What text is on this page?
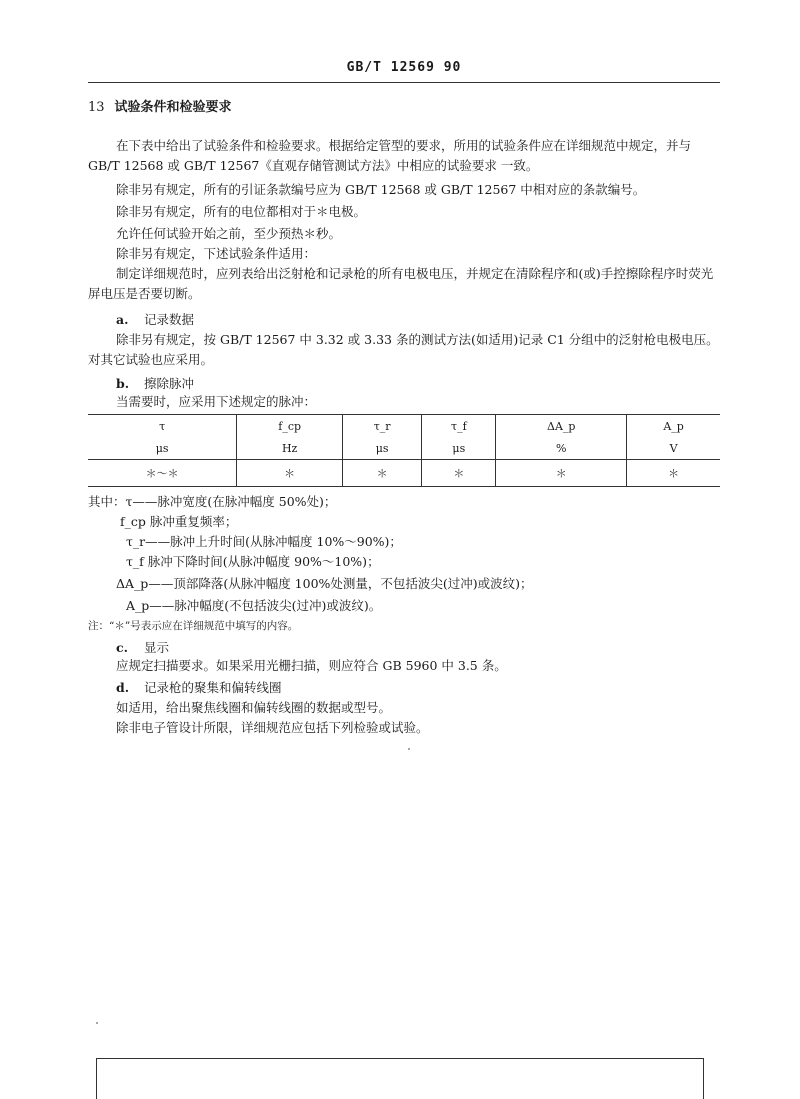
GB/T 12569 90
13 试验条件和检验要求
在下表中给出了试验条件和检验要求。根据给定管型的要求，所用的试验条件应在详细规范中规定，并与 GB/T 12568 或 GB/T 12567《直观存储管测试方法》中相应的试验要求 一致。
除非另有规定，所有的引证条款编号应为 GB/T 12568 或 GB/T 12567 中相对应的条款编号。
除非另有规定，所有的电位都相对于＊电极。
允许任何试验开始之前，至少预热＊秒。
除非另有规定，下述试验条件适用：
制定详细规范时，应列表给出泛射枪和记录枪的所有电极电压，并规定在清除程序和(或)手控擦除程序时荧光屏电压是否要切断。
a. 记录数据
除非另有规定，按 GB/T 12567 中 3.32 或 3.33 条的测试方法(如适用)记录 C1 分组中的泛射枪电极电压。对其它试验也应采用。
b. 擦除脉冲
当需要时，应采用下述规定的脉冲：
τ	f_cp	τ_r	τ_f	ΔA_p	A_p
μs	Hz	μs	μs	%	V
＊～＊	＊	＊	＊	＊	＊
其中：τ——脉冲宽度(在脉冲幅度 50%处)；
f_cp 脉冲重复频率；
τ_r——脉冲上升时间(从脉冲幅度 10%～90%)；
τ_f 脉冲下降时间(从脉冲幅度 90%～10%)；
ΔA_p——顶部降落(从脉冲幅度 100%处测量，不包括波尖(过冲)或波纹)；
A_p——脉冲幅度(不包括波尖(过冲)或波纹)。
注：“＊”号表示应在详细规范中填写的内容。
c. 显示
应规定扫描要求。如果采用光栅扫描，则应符合 GB 5960 中 3.5 条。
d. 记录枪的聚集和偏转线圈
如适用，给出聚焦线圈和偏转线圈的数据或型号。
除非电子管设计所限，详细规范应包括下列检验或试验。
